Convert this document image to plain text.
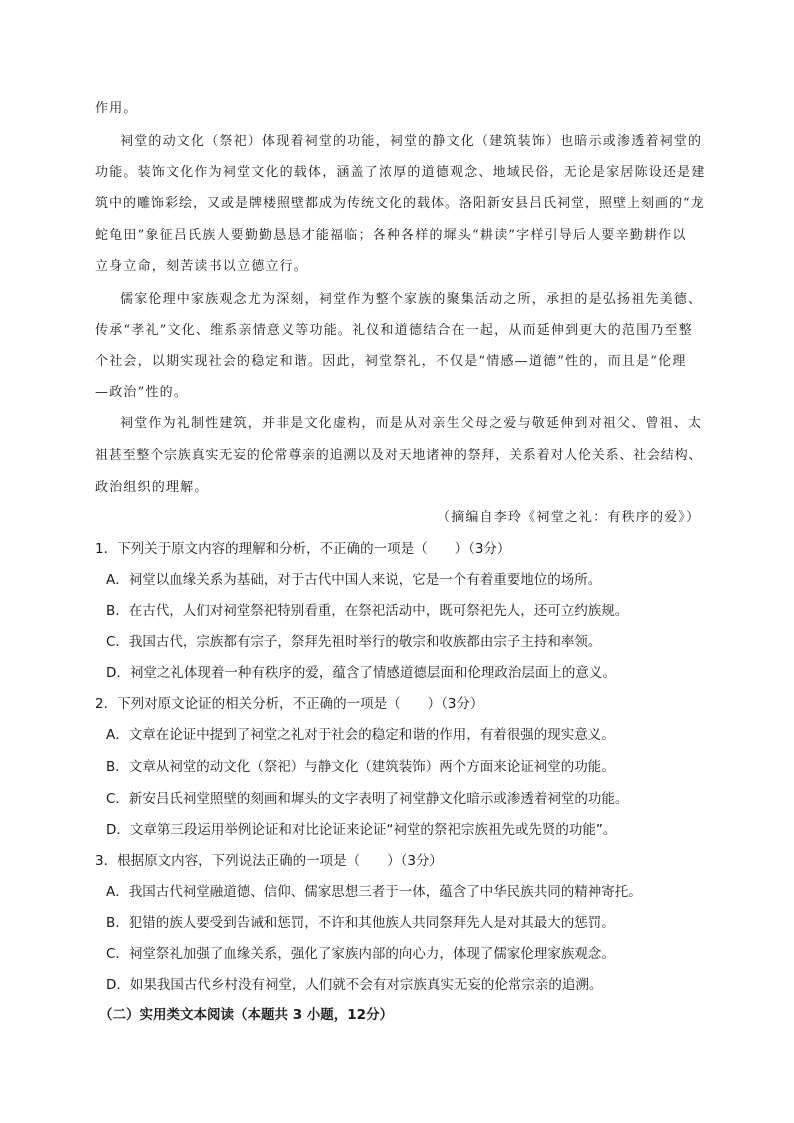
作用。
祠堂的动文化（祭祀）体现着祠堂的功能，祠堂的静文化（建筑装饰）也暗示或渗透着祠堂的
功能。装饰文化作为祠堂文化的载体，涵盖了浓厚的道德观念、地域民俗，无论是家居陈设还是建
筑中的雕饰彩绘，又或是牌楼照壁都成为传统文化的载体。洛阳新安县吕氏祠堂，照壁上刻画的“龙
蛇龟田”象征吕氏族人要勤勤恳恳才能福临；各种各样的墀头“耕读”字样引导后人要辛勤耕作以
立身立命，刻苦读书以立德立行。
儒家伦理中家族观念尤为深刻，祠堂作为整个家族的聚集活动之所，承担的是弘扬祖先美德、
传承“孝礼”文化、维系亲情意义等功能。礼仪和道德结合在一起，从而延伸到更大的范围乃至整
个社会，以期实现社会的稳定和谐。因此，祠堂祭礼，不仅是“情感—道德”性的，而且是“伦理
—政治”性的。
祠堂作为礼制性建筑，并非是文化虚构，而是从对亲生父母之爱与敬延伸到对祖父、曾祖、太
祖甚至整个宗族真实无妄的伦常尊亲的追溯以及对天地诸神的祭拜，关系着对人伦关系、社会结构、
政治组织的理解。
（摘编自李玲《祠堂之礼：有秩序的爱》）
1．下列关于原文内容的理解和分析，不正确的一项是（　　）（3分）
A．祠堂以血缘关系为基础，对于古代中国人来说，它是一个有着重要地位的场所。
B．在古代，人们对祠堂祭祀特别看重，在祭祀活动中，既可祭祀先人，还可立约族规。
C．我国古代，宗族都有宗子，祭拜先祖时举行的敬宗和收族都由宗子主持和率领。
D．祠堂之礼体现着一种有秩序的爱，蕴含了情感道德层面和伦理政治层面上的意义。
2．下列对原文论证的相关分析，不正确的一项是（　　）（3分）
A．文章在论证中提到了祠堂之礼对于社会的稳定和谐的作用，有着很强的现实意义。
B．文章从祠堂的动文化（祭祀）与静文化（建筑装饰）两个方面来论证祠堂的功能。
C．新安吕氏祠堂照壁的刻画和墀头的文字表明了祠堂静文化暗示或渗透着祠堂的功能。
D．文章第三段运用举例论证和对比论证来论证“祠堂的祭祀宗族祖先或先贤的功能”。
3．根据原文内容，下列说法正确的一项是（　　）（3分）
A．我国古代祠堂融道德、信仰、儒家思想三者于一体，蕴含了中华民族共同的精神寄托。
B．犯错的族人要受到告诫和惩罚，不许和其他族人共同祭拜先人是对其最大的惩罚。
C．祠堂祭礼加强了血缘关系，强化了家族内部的向心力，体现了儒家伦理家族观念。
D．如果我国古代乡村没有祠堂，人们就不会有对宗族真实无妄的伦常宗亲的追溯。
（二）实用类文本阅读（本题共 3 小题，12分）
